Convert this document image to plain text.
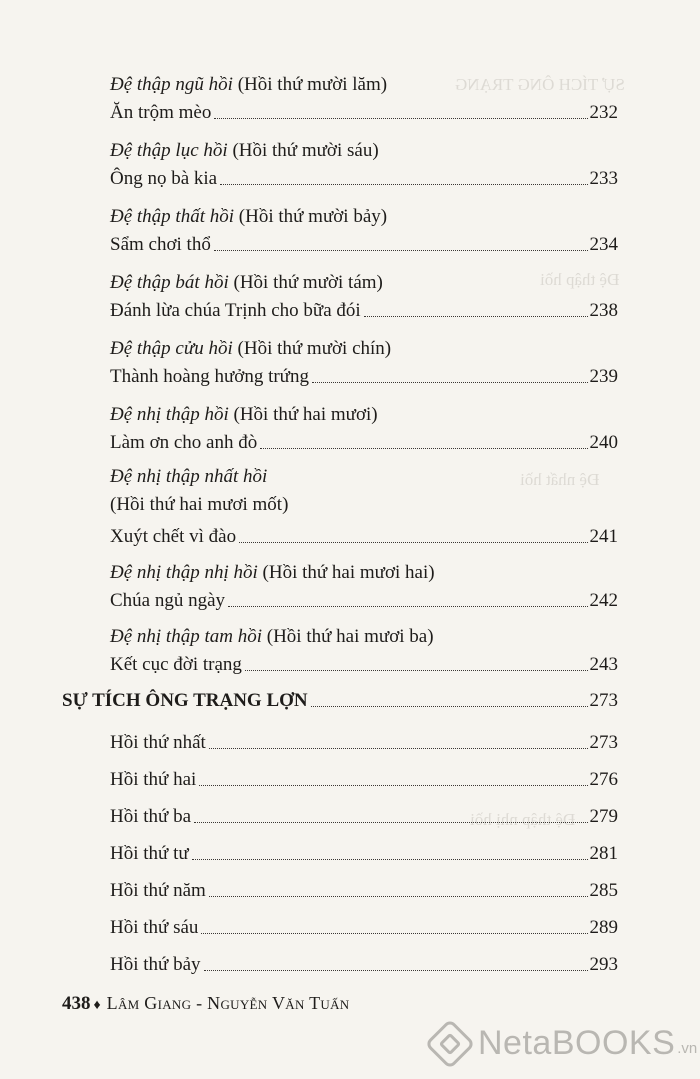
SỰ TÍCH ÔNG TRẠNG
Đệ thập hồi
Đệ nhất hồi
Đệ thập nhị hồi
Đệ thập ngũ hồi (Hồi thứ mười lăm)
Ăn trộm mèo	232
Đệ thập lục hồi (Hồi thứ mười sáu)
Ông nọ bà kia	233
Đệ thập thất hồi (Hồi thứ mười bảy)
Sẩm chơi thổ	234
Đệ thập bát hồi (Hồi thứ mười tám)
Đánh lừa chúa Trịnh cho bữa đói	238
Đệ thập cửu hồi (Hồi thứ mười chín)
Thành hoàng hưởng trứng	239
Đệ nhị thập hồi (Hồi thứ hai mươi)
Làm ơn cho anh đò	240
Đệ nhị thập nhất hồi
(Hồi thứ hai mươi mốt)
Xuýt chết vì đào	241
Đệ nhị thập nhị hồi (Hồi thứ hai mươi hai)
Chúa ngủ ngày	242
Đệ nhị thập tam hồi (Hồi thứ hai mươi ba)
Kết cục đời trạng	243
SỰ TÍCH ÔNG TRẠNG LỢN	273
Hồi thứ nhất	273
Hồi thứ hai	276
Hồi thứ ba	279
Hồi thứ tư	281
Hồi thứ năm	285
Hồi thứ sáu	289
Hồi thứ bảy	293
438 ♦ Lâm Giang - Nguyễn Văn Tuấn
NetaBOOKS .vn
